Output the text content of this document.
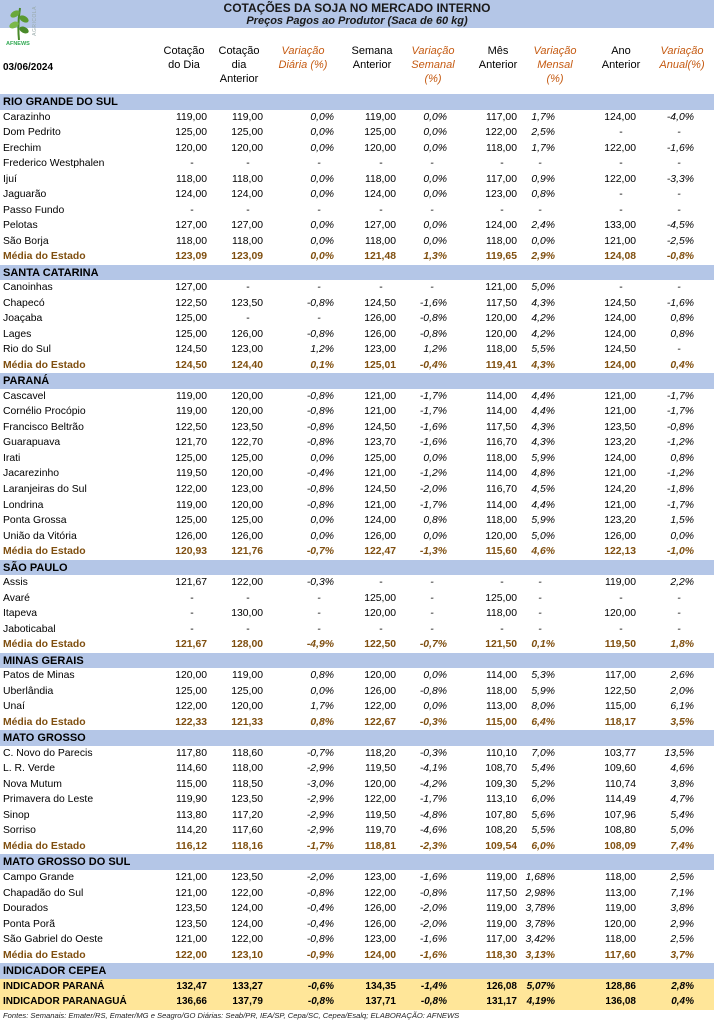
AGRICOLA
AFNEWS
COTAÇÕES DA SOJA NO MERCADO INTERNO
Preços Pagos ao Produtor (Saca de 60 kg)
03/06/2024
Cotação
do Dia
Cotação
dia
Anterior
Variação
Diária (%)
Semana
Anterior
Variação
Semanal
(%)
Mês
Anterior
Variação
Mensal
(%)
Ano
Anterior
Variação
Anual(%)
RIO GRANDE DO SUL
Carazinho	119,00 119,00	0,0%	119,00	0,0%	117,00 1,7%	124,00	-4,0%
Dom Pedrito	125,00 125,00	0,0%	125,00	0,0%	122,00 2,5%	-	-
Erechim	120,00 120,00	0,0%	120,00	0,0%	118,00 1,7%	122,00	-1,6%
Frederico Westphalen	-	-	-	-	-	-	-	-	-
Ijuí	118,00 118,00	0,0%	118,00	0,0%	117,00 0,9%	122,00	-3,3%
Jaguarão	124,00 124,00	0,0%	124,00	0,0%	123,00 0,8%	-	-
Passo Fundo	-	-	-	-	-	-	-	-	-
Pelotas	127,00 127,00	0,0%	127,00	0,0%	124,00 2,4%	133,00	-4,5%
São Borja	118,00 118,00	0,0%	118,00	0,0%	118,00 0,0%	121,00	-2,5%
Média do Estado	123,09 123,09	0,0%	121,48	1,3%	119,65 2,9%	124,08	-0,8%
SANTA CATARINA
Canoinhas	127,00	-	-	-	-	121,00 5,0%	-	-
Chapecó	122,50 123,50	-0,8%	124,50 -1,6%	117,50 4,3%	124,50	-1,6%
Joaçaba	125,00	-	-	126,00 -0,8%	120,00 4,2%	124,00	0,8%
Lages	125,00 126,00	-0,8%	126,00 -0,8%	120,00 4,2%	124,00	0,8%
Rio do Sul	124,50 123,00	1,2%	123,00	1,2%	118,00 5,5%	124,50	-
Média do Estado	124,50 124,40	0,1%	125,01 -0,4%	119,41 4,3%	124,00	0,4%
PARANÁ
Cascavel	119,00 120,00	-0,8%	121,00 -1,7%	114,00 4,4%	121,00	-1,7%
Cornélio Procópio	119,00 120,00	-0,8%	121,00 -1,7%	114,00 4,4%	121,00	-1,7%
Francisco Beltrão	122,50 123,50	-0,8%	124,50 -1,6%	117,50 4,3%	123,50	-0,8%
Guarapuava	121,70 122,70	-0,8%	123,70 -1,6%	116,70 4,3%	123,20	-1,2%
Irati	125,00 125,00	0,0%	125,00	0,0%	118,00 5,9%	124,00	0,8%
Jacarezinho	119,50 120,00	-0,4%	121,00 -1,2%	114,00 4,8%	121,00	-1,2%
Laranjeiras do Sul	122,00 123,00	-0,8%	124,50 -2,0%	116,70 4,5%	124,20	-1,8%
Londrina	119,00 120,00	-0,8%	121,00 -1,7%	114,00 4,4%	121,00	-1,7%
Ponta Grossa	125,00 125,00	0,0%	124,00	0,8%	118,00 5,9%	123,20	1,5%
União da Vitória	126,00 126,00	0,0%	126,00	0,0%	120,00 5,0%	126,00	0,0%
Média do Estado	120,93 121,76	-0,7%	122,47 -1,3%	115,60 4,6%	122,13	-1,0%
SÃO PAULO
Assis	121,67 122,00	-0,3%	-	-	-	-	119,00	2,2%
Avaré	-	-	-	125,00	-	125,00	-	-	-
Itapeva	-	130,00	-	120,00	-	118,00	-	120,00	-
Jaboticabal	-	-	-	-	-	-	-	-	-
Média do Estado	121,67 128,00	-4,9%	122,50 -0,7%	121,50 0,1%	119,50	1,8%
MINAS GERAIS
Patos de Minas	120,00 119,00	0,8%	120,00	0,0%	114,00 5,3%	117,00	2,6%
Uberlândia	125,00 125,00	0,0%	126,00 -0,8%	118,00 5,9%	122,50	2,0%
Unaí	122,00 120,00	1,7%	122,00	0,0%	113,00 8,0%	115,00	6,1%
Média do Estado	122,33 121,33	0,8%	122,67 -0,3%	115,00 6,4%	118,17	3,5%
MATO GROSSO
C. Novo do Parecis	117,80 118,60	-0,7%	118,20 -0,3%	110,10 7,0%	103,77	13,5%
L. R. Verde	114,60 118,00	-2,9%	119,50 -4,1%	108,70 5,4%	109,60	4,6%
Nova Mutum	115,00 118,50	-3,0%	120,00 -4,2%	109,30 5,2%	110,74	3,8%
Primavera do Leste	119,90 123,50	-2,9%	122,00 -1,7%	113,10 6,0%	114,49	4,7%
Sinop	113,80 117,20	-2,9%	119,50 -4,8%	107,80 5,6%	107,96	5,4%
Sorriso	114,20 117,60	-2,9%	119,70 -4,6%	108,20 5,5%	108,80	5,0%
Média do Estado	116,12 118,16	-1,7%	118,81 -2,3%	109,54 6,0%	108,09	7,4%
MATO GROSSO DO SUL
Campo Grande	121,00 123,50	-2,0%	123,00 -1,6%	119,00 1,68%	118,00	2,5%
Chapadão do Sul	121,00 122,00	-0,8%	122,00 -0,8%	117,50 2,98%	113,00	7,1%
Dourados	123,50 124,00	-0,4%	126,00 -2,0%	119,00 3,78%	119,00	3,8%
Ponta Porã	123,50 124,00	-0,4%	126,00 -2,0%	119,00 3,78%	120,00	2,9%
São Gabriel do Oeste	121,00 122,00	-0,8%	123,00 -1,6%	117,00 3,42%	118,00	2,5%
Média do Estado	122,00 123,10	-0,9%	124,00 -1,6%	118,30 3,13%	117,60	3,7%
INDICADOR CEPEA
INDICADOR PARANÁ	132,47	133,27	-0,6%	134,35 -1,4%	126,08 5,07%	128,86	2,8%
INDICADOR PARANAGUÁ	136,66	137,79	-0,8%	137,71 -0,8%	131,17 4,19%	136,08	0,4%
Fontes: Semanais: Emater/RS, Emater/MG e Seagro/GO Diárias: Seab/PR, IEA/SP, Cepa/SC, Cepea/Esalq; ELABORAÇÃO: AFNEWS
